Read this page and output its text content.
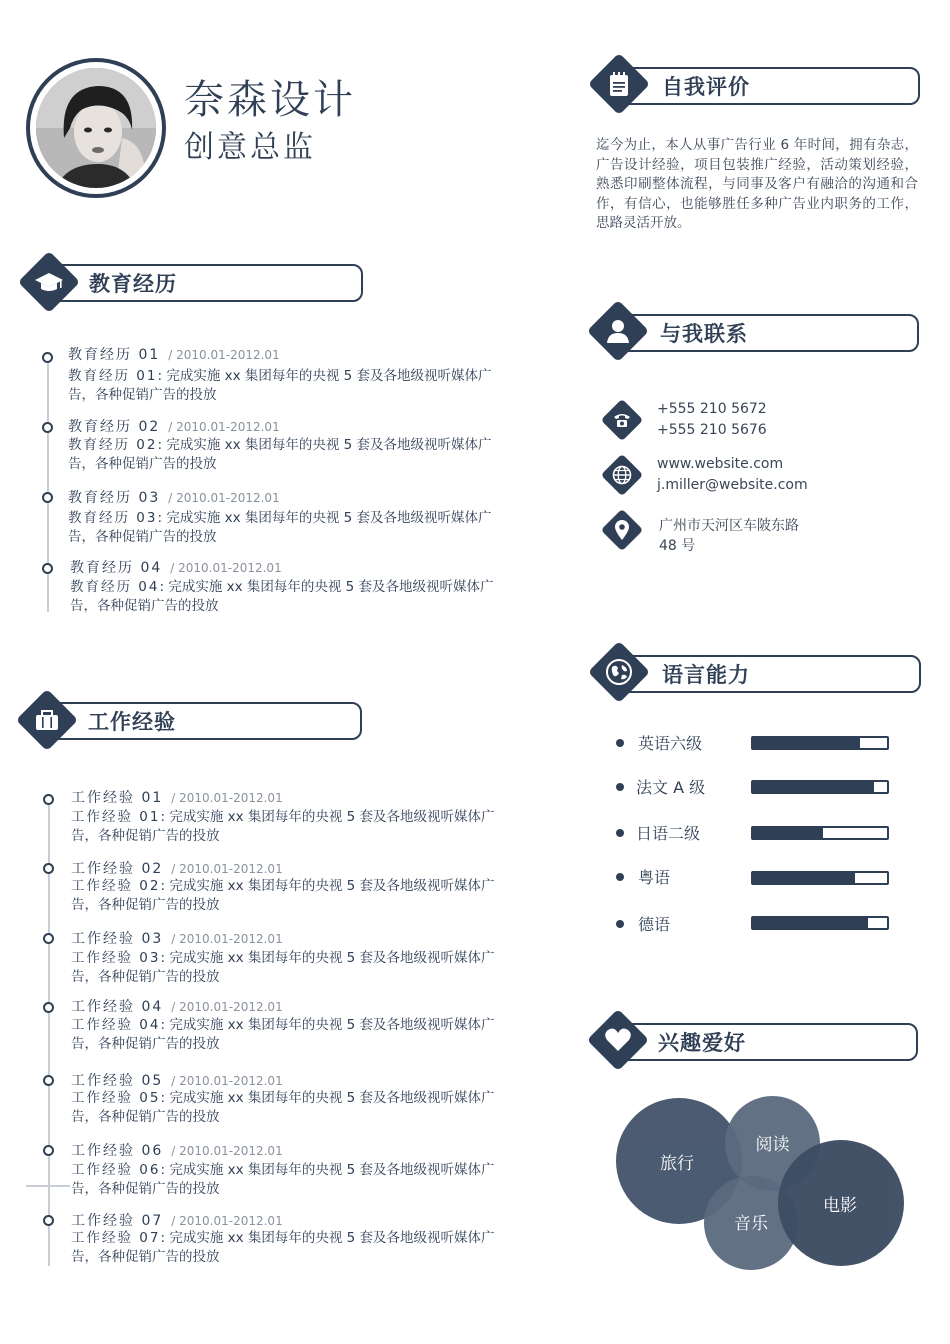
奈森设计
创意总监
教育经历
教育经历 01 / 2010.01-2012.01
教育经历 01: 完成实施 xx 集团每年的央视 5 套及各地级视听媒体广告，各种促销广告的投放
教育经历 02 / 2010.01-2012.01
教育经历 02: 完成实施 xx 集团每年的央视 5 套及各地级视听媒体广告，各种促销广告的投放
教育经历 03 / 2010.01-2012.01
教育经历 03: 完成实施 xx 集团每年的央视 5 套及各地级视听媒体广告，各种促销广告的投放
教育经历 04 / 2010.01-2012.01
教育经历 04: 完成实施 xx 集团每年的央视 5 套及各地级视听媒体广告，各种促销广告的投放
工作经验
工作经验 01 / 2010.01-2012.01
工作经验 01: 完成实施 xx 集团每年的央视 5 套及各地级视听媒体广告，各种促销广告的投放
工作经验 02 / 2010.01-2012.01
工作经验 02: 完成实施 xx 集团每年的央视 5 套及各地级视听媒体广告，各种促销广告的投放
工作经验 03 / 2010.01-2012.01
工作经验 03: 完成实施 xx 集团每年的央视 5 套及各地级视听媒体广告，各种促销广告的投放
工作经验 04 / 2010.01-2012.01
工作经验 04: 完成实施 xx 集团每年的央视 5 套及各地级视听媒体广告，各种促销广告的投放
工作经验 05 / 2010.01-2012.01
工作经验 05: 完成实施 xx 集团每年的央视 5 套及各地级视听媒体广告，各种促销广告的投放
工作经验 06 / 2010.01-2012.01
工作经验 06: 完成实施 xx 集团每年的央视 5 套及各地级视听媒体广告，各种促销广告的投放
工作经验 07 / 2010.01-2012.01
工作经验 07: 完成实施 xx 集团每年的央视 5 套及各地级视听媒体广告，各种促销广告的投放
自我评价
迄今为止，本人从事广告行业 6 年时间，拥有杂志，广告设计经验，项目包装推广经验，活动策划经验，熟悉印刷整体流程，与同事及客户有融洽的沟通和合作，有信心，也能够胜任多种广告业内职务的工作，思路灵活开放。
与我联系
+555 210 5672
+555 210 5676
www.website.com
j.miller@website.com
广州市天河区车陂东路
48 号
语言能力
英语六级
法文 A 级
日语二级
粤语
德语
兴趣爱好
旅行
阅读
音乐
电影
